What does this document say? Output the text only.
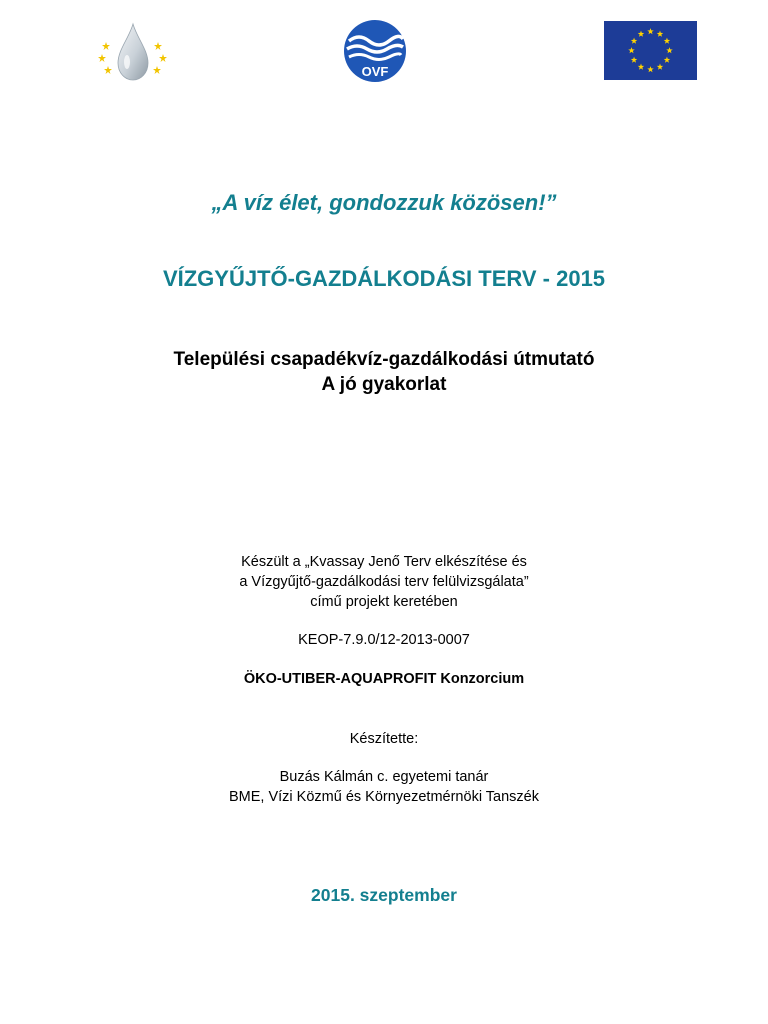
OVF
„A víz élet, gondozzuk közösen!”
VÍZGYŰJTŐ-GAZDÁLKODÁSI TERV - 2015
Települési csapadékvíz-gazdálkodási útmutató
A jó gyakorlat
Készült a „Kvassay Jenő Terv elkészítése és
a Vízgyűjtő-gazdálkodási terv felülvizsgálata”
című projekt keretében
KEOP-7.9.0/12-2013-0007
ÖKO-UTIBER-AQUAPROFIT Konzorcium
Készítette:
Buzás Kálmán c. egyetemi tanár
BME, Vízi Közmű és Környezetmérnöki Tanszék
2015. szeptember
